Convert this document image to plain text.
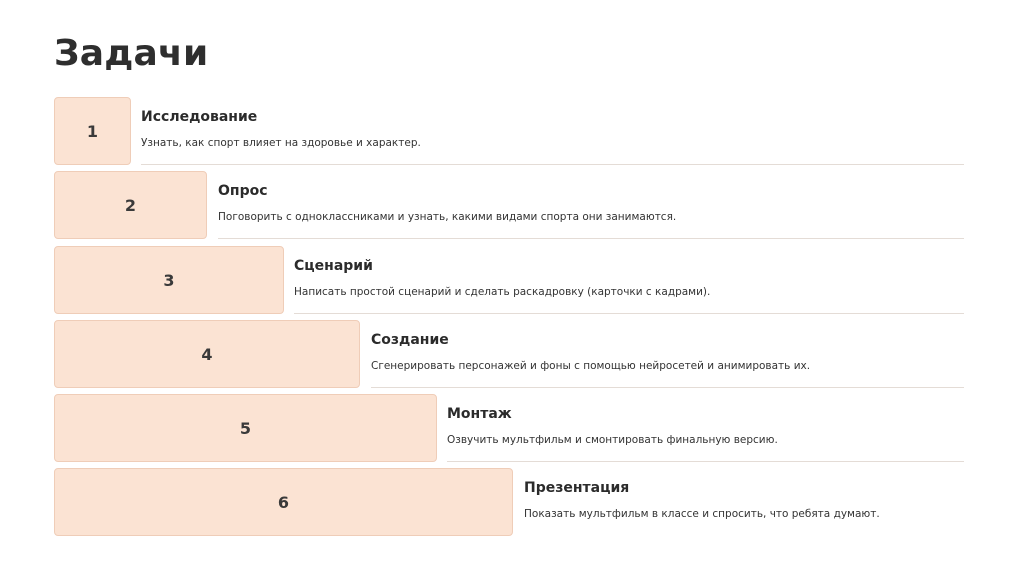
Задачи
1
Исследование
Узнать, как спорт влияет на здоровье и характер.
2
Опрос
Поговорить с одноклассниками и узнать, какими видами спорта они занимаются.
3
Сценарий
Написать простой сценарий и сделать раскадровку (карточки с кадрами).
4
Создание
Сгенерировать персонажей и фоны с помощью нейросетей и анимировать их.
5
Монтаж
Озвучить мультфильм и смонтировать финальную версию.
6
Презентация
Показать мультфильм в классе и спросить, что ребята думают.
